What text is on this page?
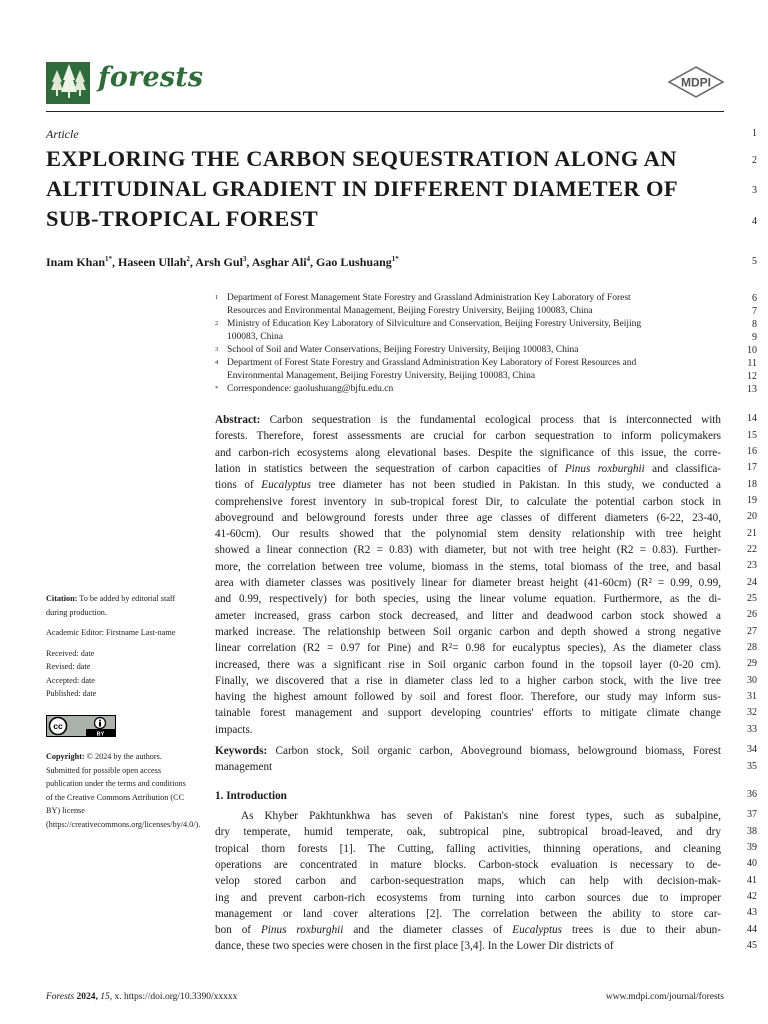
forests	MDPI
1
2
3
4
5
6
7
8
9
10
11
12
13
14
15
16
17
18
19
20
21
22
23
24
25
26
27
28
29
30
31
32
33
34
35
36
37
38
39
40
41
42
43
44
45
Article
EXPLORING THE CARBON SEQUESTRATION ALONG AN
ALTITUDINAL GRADIENT IN DIFFERENT DIAMETER OF
SUB-TROPICAL FOREST
Inam Khan$^{1*}$, Haseen Ullah$^2$, Arsh Gul$^3$, Asghar Ali$^4$, Gao Lushuang$^{1*}$
1 Department of Forest Management State Forestry and Grassland Administration Key Laboratory of Forest
Resources and Environmental Management, Beijing Forestry University, Beijing 100083, China
2 Ministry of Education Key Laboratory of Silviculture and Conservation, Beijing Forestry University, Beijing
100083, China
3 School of Soil and Water Conservations, Beijing Forestry University, Beijing 100083, China
4 Department of Forest State Forestry and Grassland Administration Key Laboratory of Forest Resources and
Environmental Management, Beijing Forestry University, Beijing 100083, China
* Correspondence: gaolushuang@bjfu.edu.cn
Abstract: Carbon sequestration is the fundamental ecological process that is interconnected with
forests. Therefore, forest assessments are crucial for carbon sequestration to inform policymakers
and carbon-rich ecosystems along elevational bases. Despite the significance of this issue, the corre-
lation in statistics between the sequestration of carbon capacities of Pinus roxburghii and classifica-
tions of Eucalyptus tree diameter has not been studied in Pakistan. In this study, we conducted a
comprehensive forest inventory in sub-tropical forest Dir, to calculate the potential carbon stock in
aboveground and belowground forests under three age classes of different diameters (6-22, 23-40,
41-60cm). Our results showed that the polynomial stem density relationship with tree height
showed a linear connection (R2 = 0.83) with diameter, but not with tree height (R2 = 0.83). Further-
more, the correlation between tree volume, biomass in the stems, total biomass of the tree, and basal
area with diameter classes was positively linear for diameter breast height (41-60cm) (R² = 0.99, 0.99,
and 0.99, respectively) for both species, using the linear volume equation. Furthermore, as the di-
ameter increased, grass carbon stock decreased, and litter and deadwood carbon stock showed a
marked increase. The relationship between Soil organic carbon and depth showed a strong negative
linear correlation (R2 = 0.97 for Pine) and R²= 0.98 for eucalyptus species), As the diameter class
increased, there was a significant rise in Soil organic carbon found in the topsoil layer (0-20 cm).
Finally, we discovered that a rise in diameter class led to a higher carbon stock, with the live tree
having the highest amount followed by soil and forest floor. Therefore, our study may inform sus-
tainable forest management and support developing countries' efforts to mitigate climate change
impacts.
Keywords: Carbon stock, Soil organic carbon, Aboveground biomass, belowground biomass, Forest
management
1. Introduction
As Khyber Pakhtunkhwa has seven of Pakistan's nine forest types, such as subalpine,
dry temperate, humid temperate, oak, subtropical pine, subtropical broad-leaved, and dry
tropical thorn forests [1]. The Cutting, falling activities, thinning operations, and cleaning
operations are concentrated in mature blocks. Carbon-stock evaluation is necessary to de-
velop stored carbon and carbon-sequestration maps, which can help with decision-mak-
ing and prevent carbon-rich ecosystems from turning into carbon sources due to improper
management or land cover alterations [2]. The correlation between the ability to store car-
bon of Pinus roxburghii and the diameter classes of Eucalyptus trees is due to their abun-
dance, these two species were chosen in the first place [3,4]. In the Lower Dir districts of

Citation: To be added by editorial staff during production.

Academic Editor: Firstname Last-name

Received: date

Revised: date

Accepted: date

Published: date

cc
BY

Copyright: © 2024 by the authors. Submitted for possible open access publication under the terms and conditions of the Creative Commons Attribution (CC BY) license (https://creativecommons.org/licenses/by/4.0/).

Forests 2024, 15, x. https://doi.org/10.3390/xxxxx	www.mdpi.com/journal/forests
